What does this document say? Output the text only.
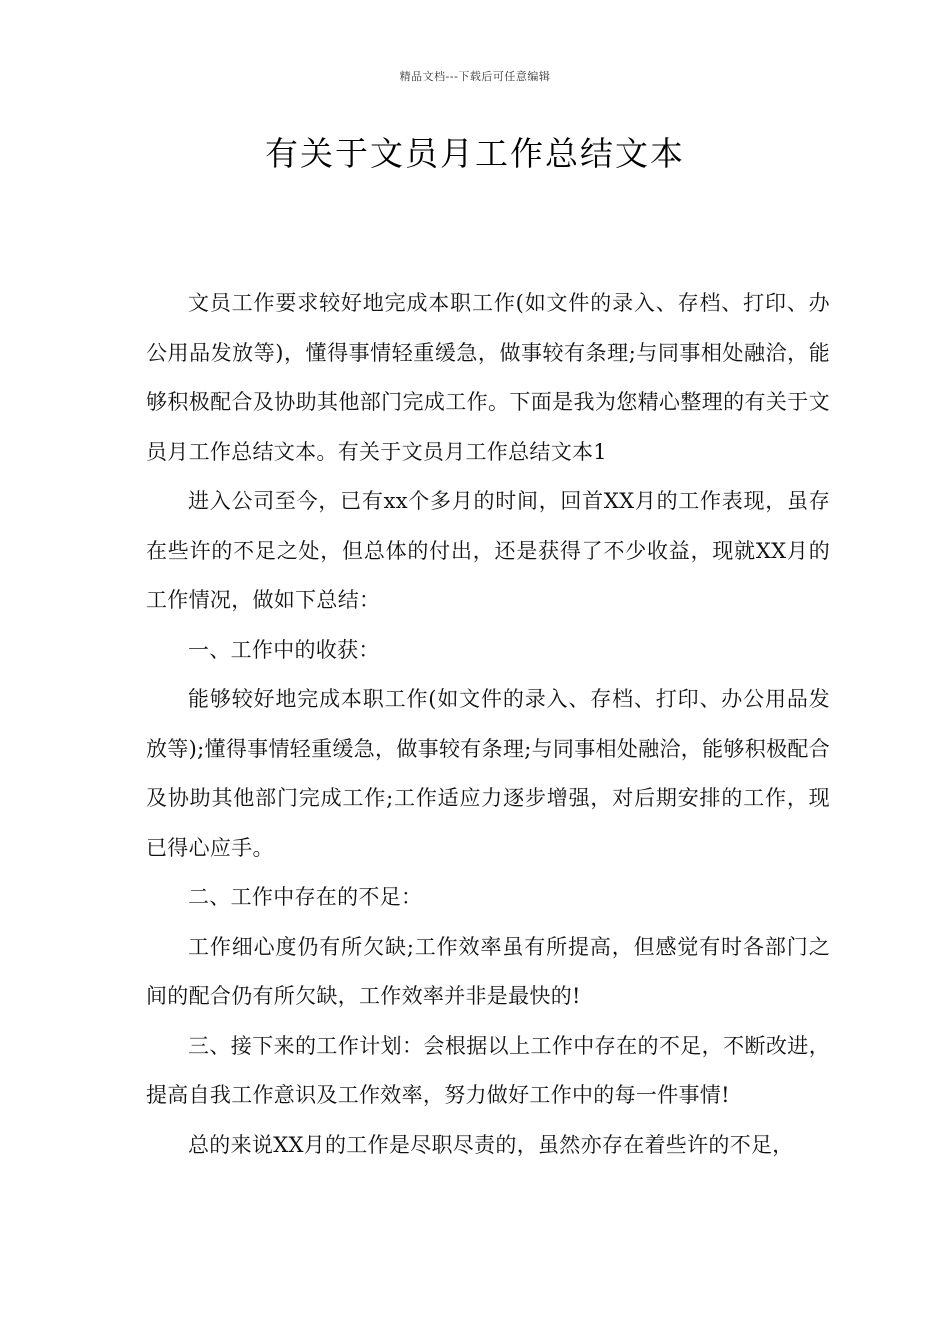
精品文档---下载后可任意编辑
有关于文员月工作总结文本

文员工作要求较好地完成本职工作(如文件的录入、存档、打印、办公用品发放等)，懂得事情轻重缓急，做事较有条理;与同事相处融洽，能够积极配合及协助其他部门完成工作。下面是我为您精心整理的有关于文员月工作总结文本。有关于文员月工作总结文本1

进入公司至今，已有xx个多月的时间，回首XX月的工作表现，虽存在些许的不足之处，但总体的付出，还是获得了不少收益，现就XX月的工作情况，做如下总结：

一、工作中的收获：

能够较好地完成本职工作(如文件的录入、存档、打印、办公用品发放等);懂得事情轻重缓急，做事较有条理;与同事相处融洽，能够积极配合及协助其他部门完成工作;工作适应力逐步增强，对后期安排的工作，现已得心应手。

二、工作中存在的不足：

工作细心度仍有所欠缺;工作效率虽有所提高，但感觉有时各部门之间的配合仍有所欠缺，工作效率并非是最快的!

三、接下来的工作计划：会根据以上工作中存在的不足，不断改进，提高自我工作意识及工作效率，努力做好工作中的每一件事情!

总的来说XX月的工作是尽职尽责的，虽然亦存在着些许的不足，
